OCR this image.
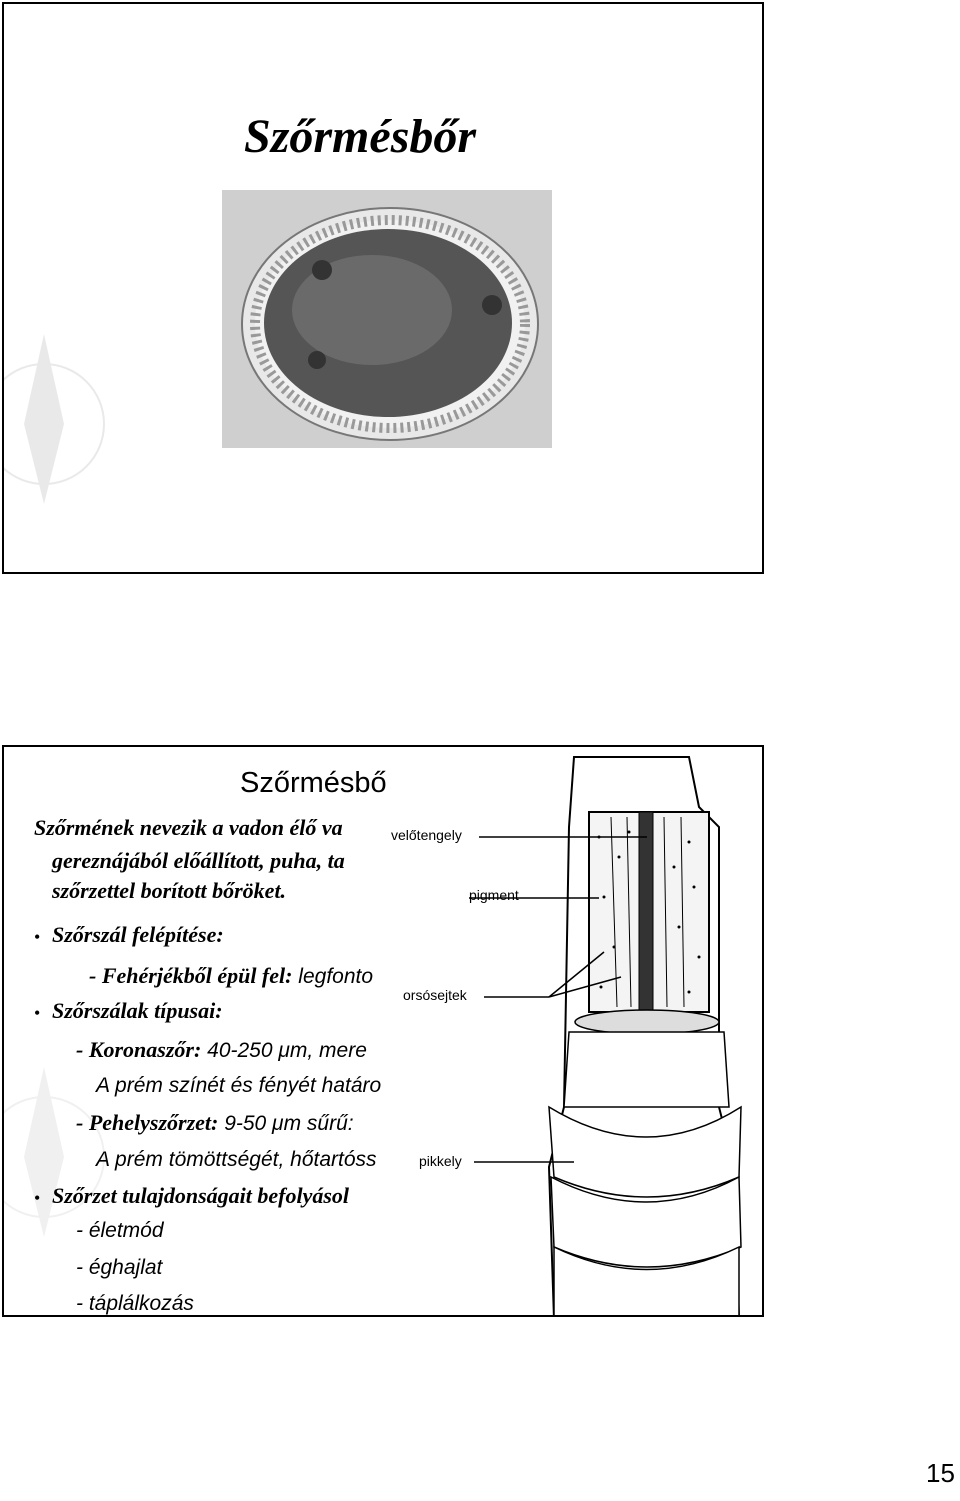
Szőrmésbőr
Szőrmésbő
Szőrmének nevezik a vadon élő va
gereznájából előállított, puha, ta
szőrzettel borított bőröket.
• Szőrszál felépítése:
- Fehérjékből épül fel: legfonto
• Szőrszálak típusai:
- Koronaszőr: 40-250 μm, mere
A prém színét és fényét határo
- Pehelyszőrzet: 9-50 μm sűrű:
A prém tömöttségét, hőtartóss
• Szőrzet tulajdonságait befolyásol
- életmód
- éghajlat
- táplálkozás
velőtengely
pigment
orsósejtek
pikkely
15
